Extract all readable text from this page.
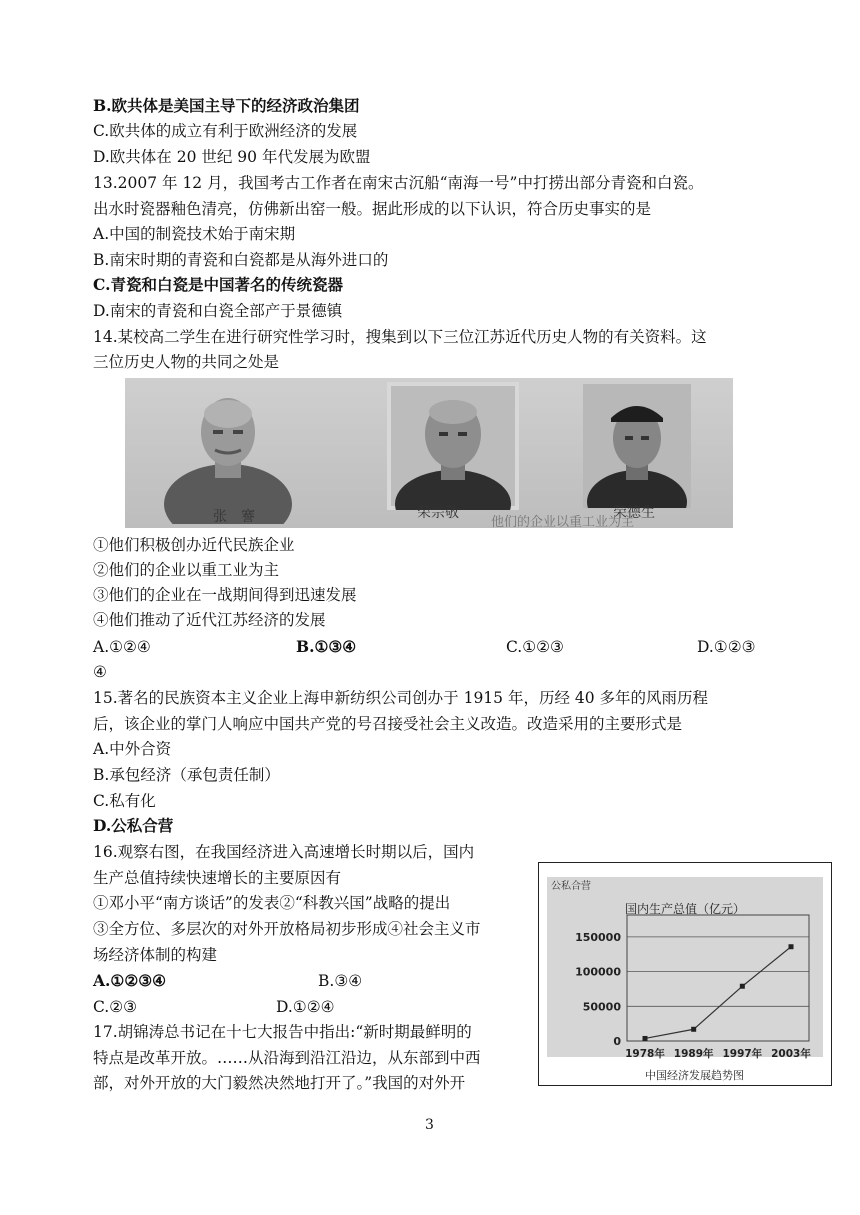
B.欧共体是美国主导下的经济政治集团
C.欧共体的成立有利于欧洲经济的发展
D.欧共体在 20 世纪 90 年代发展为欧盟
13.2007 年 12 月，我国考古工作者在南宋古沉船“南海一号”中打捞出部分青瓷和白瓷。
出水时瓷器釉色清亮，仿佛新出窑一般。据此形成的以下认识，符合历史事实的是
A.中国的制瓷技术始于南宋期
B.南宋时期的青瓷和白瓷都是从海外进口的
C.青瓷和白瓷是中国著名的传统瓷器
D.南宋的青瓷和白瓷全部产于景德镇
14.某校高二学生在进行研究性学习时，搜集到以下三位江苏近代历史人物的有关资料。这
三位历史人物的共同之处是
张　謇	荣宗敬	荣德生
他们的企业以重工业为主
①他们积极创办近代民族企业
②他们的企业以重工业为主
③他们的企业在一战期间得到迅速发展
④他们推动了近代江苏经济的发展
A.①②④	B.①③④	C.①②③	D.①②③
④
15.著名的民族资本主义企业上海申新纺织公司创办于 1915 年，历经 40 多年的风雨历程
后，该企业的掌门人响应中国共产党的号召接受社会主义改造。改造采用的主要形式是
A.中外合资
B.承包经济（承包责任制）
C.私有化
D.公私合营
16.观察右图，在我国经济进入高速增长时期以后，国内
生产总值持续快速增长的主要原因有
①邓小平“南方谈话”的发表②“科教兴国”战略的提出
③全方位、多层次的对外开放格局初步形成④社会主义市
场经济体制的构建
A.①②③④	B.③④
C.②③	D.①②④
17.胡锦涛总书记在十七大报告中指出:“新时期最鲜明的
特点是改革开放。……从沿海到沿江沿边，从东部到中西
部，对外开放的大门毅然决然地打开了。”我国的对外开
公私合营
国内生产总值（亿元）
中国经济发展趋势图
0
50000
100000
150000
1978年 1989年 1997年 2003年
3
